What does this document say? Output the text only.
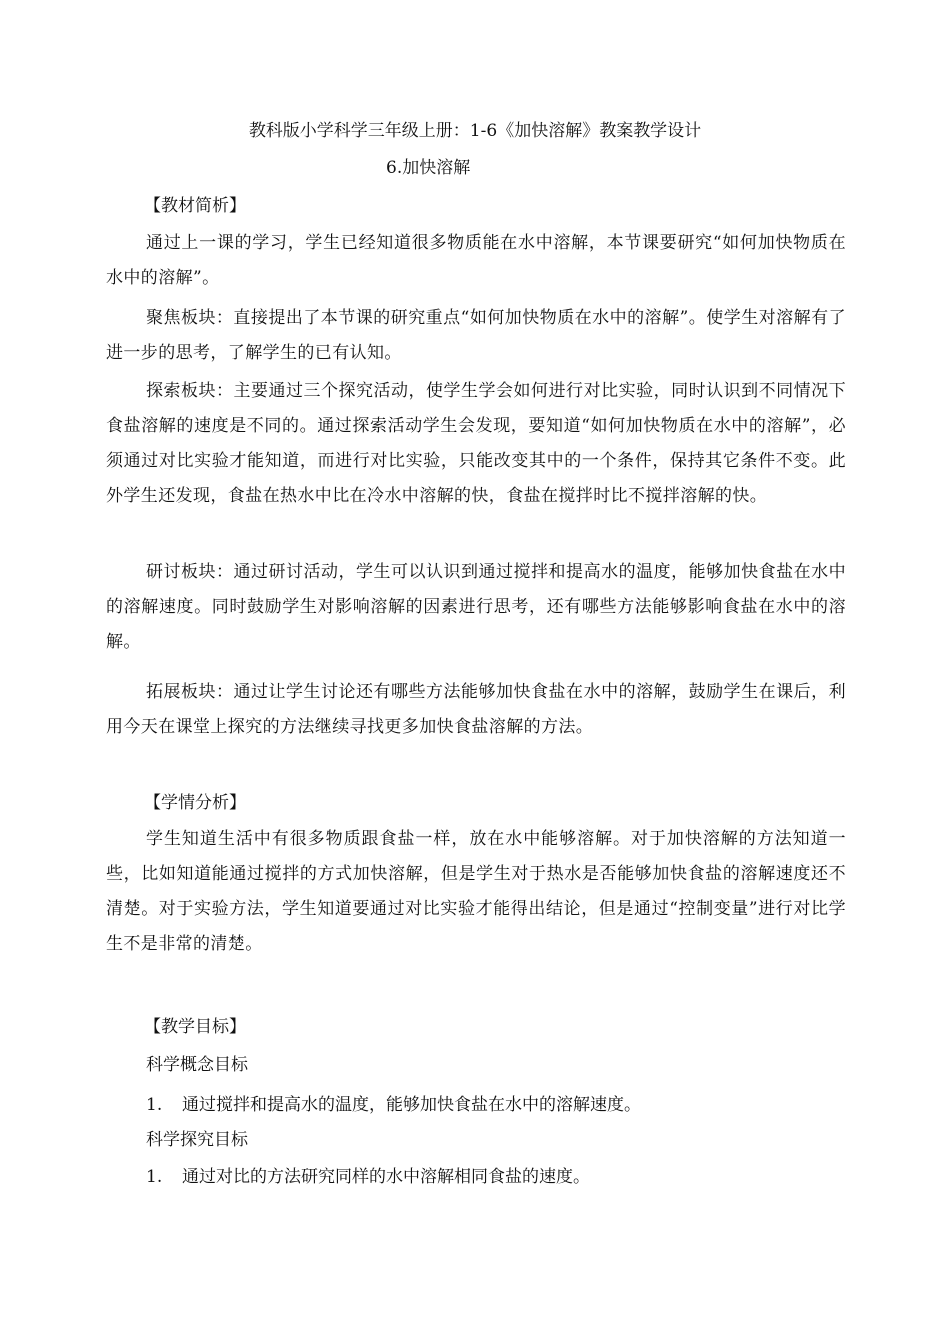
教科版小学科学三年级上册：1-6《加快溶解》教案教学设计
6.加快溶解
【教材简析】
通过上一课的学习，学生已经知道很多物质能在水中溶解，本节课要研究“如何加快物质在水中的溶解”。
聚焦板块：直接提出了本节课的研究重点“如何加快物质在水中的溶解”。使学生对溶解有了进一步的思考，了解学生的已有认知。
探索板块：主要通过三个探究活动，使学生学会如何进行对比实验，同时认识到不同情况下食盐溶解的速度是不同的。通过探索活动学生会发现，要知道“如何加快物质在水中的溶解”，必须通过对比实验才能知道，而进行对比实验，只能改变其中的一个条件，保持其它条件不变。此外学生还发现，食盐在热水中比在冷水中溶解的快，食盐在搅拌时比不搅拌溶解的快。
研讨板块：通过研讨活动，学生可以认识到通过搅拌和提高水的温度，能够加快食盐在水中的溶解速度。同时鼓励学生对影响溶解的因素进行思考，还有哪些方法能够影响食盐在水中的溶解。
拓展板块：通过让学生讨论还有哪些方法能够加快食盐在水中的溶解，鼓励学生在课后，利用今天在课堂上探究的方法继续寻找更多加快食盐溶解的方法。
【学情分析】
学生知道生活中有很多物质跟食盐一样，放在水中能够溶解。对于加快溶解的方法知道一些，比如知道能通过搅拌的方式加快溶解，但是学生对于热水是否能够加快食盐的溶解速度还不清楚。对于实验方法，学生知道要通过对比实验才能得出结论，但是通过“控制变量”进行对比学生不是非常的清楚。
【教学目标】
科学概念目标
1. 通过搅拌和提高水的温度，能够加快食盐在水中的溶解速度。
科学探究目标
1. 通过对比的方法研究同样的水中溶解相同食盐的速度。
